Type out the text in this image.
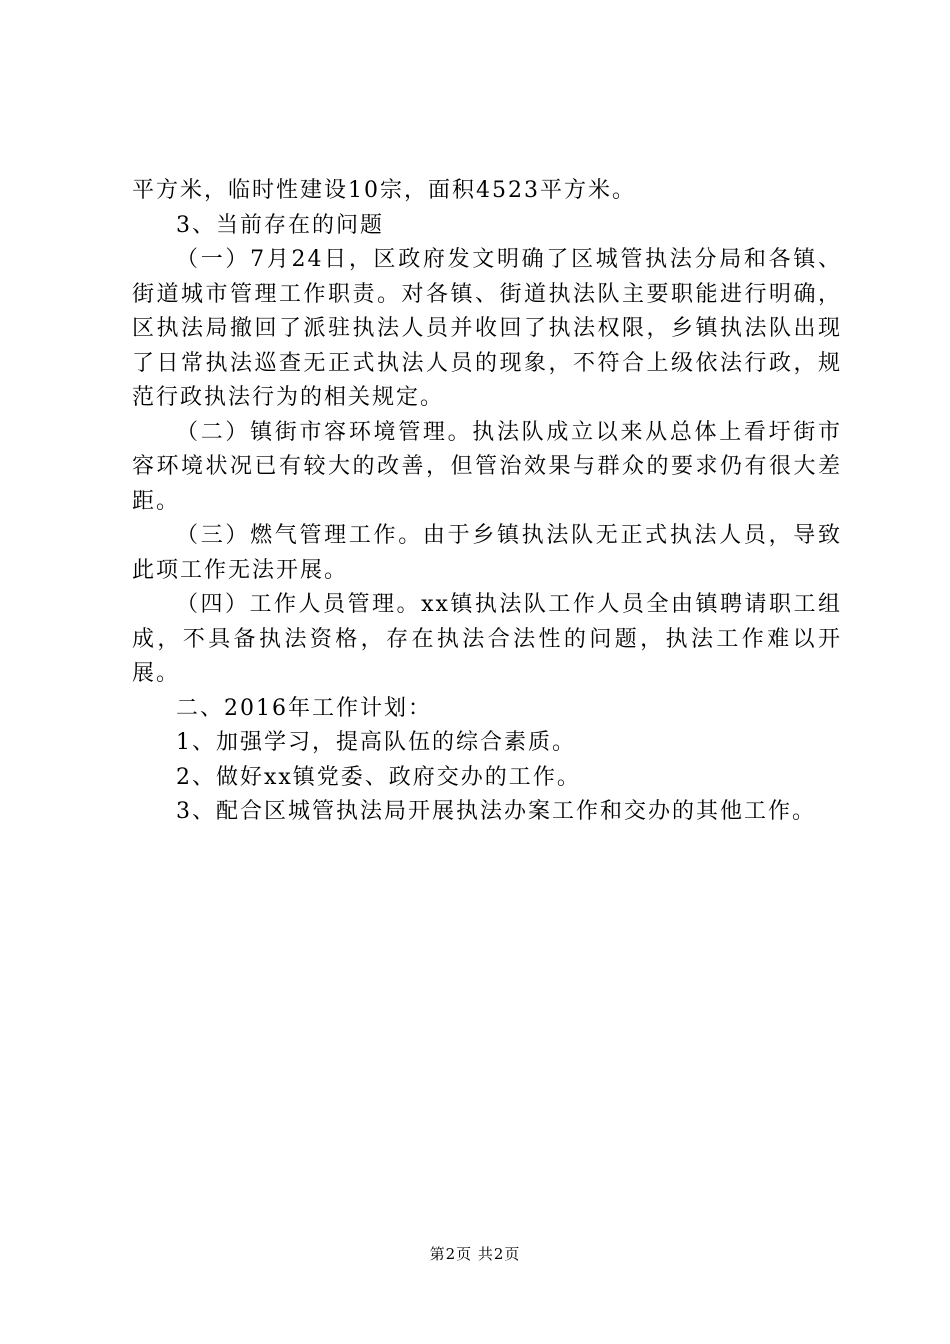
平方米，临时性建设10宗，面积4523平方米。

3、当前存在的问题

（一）7月24日，区政府发文明确了区城管执法分局和各镇、街道城市管理工作职责。对各镇、街道执法队主要职能进行明确，区执法局撤回了派驻执法人员并收回了执法权限，乡镇执法队出现了日常执法巡查无正式执法人员的现象，不符合上级依法行政，规范行政执法行为的相关规定。

（二）镇街市容环境管理。执法队成立以来从总体上看圩街市容环境状况已有较大的改善，但管治效果与群众的要求仍有很大差距。

（三）燃气管理工作。由于乡镇执法队无正式执法人员，导致此项工作无法开展。

（四）工作人员管理。xx镇执法队工作人员全由镇聘请职工组成，不具备执法资格，存在执法合法性的问题，执法工作难以开展。

二、2016年工作计划：

1、加强学习，提高队伍的综合素质。

2、做好xx镇党委、政府交办的工作。

3、配合区城管执法局开展执法办案工作和交办的其他工作。

第2页 共2页
